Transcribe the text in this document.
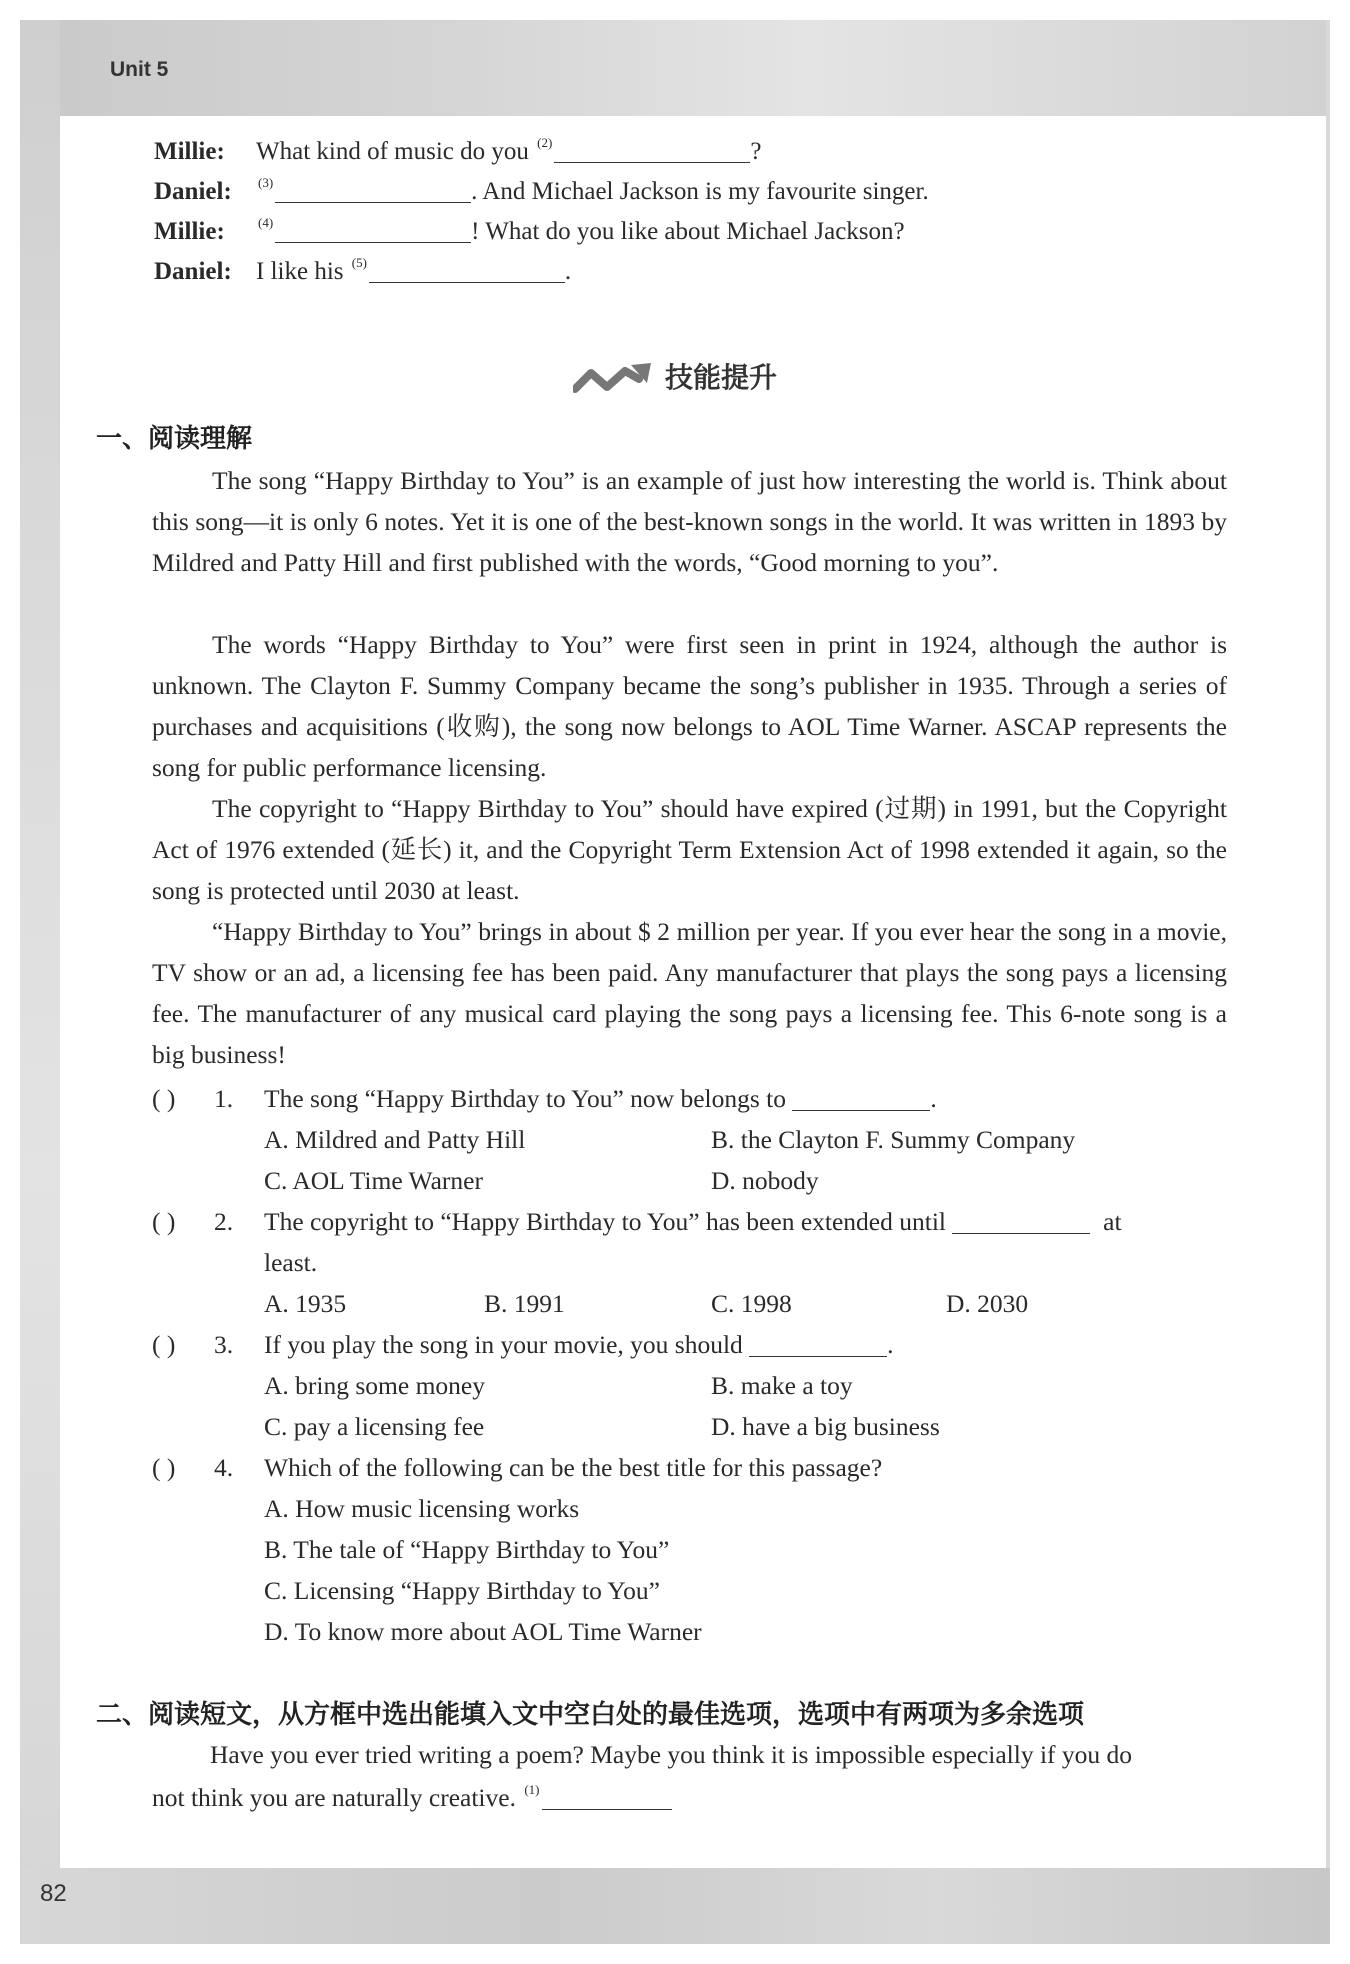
Unit 5
Millie: What kind of music do you $^{(2)}$	?
Daniel: $^{(3)}$	. And Michael Jackson is my favourite singer.
Millie:	$^{(4)}$	! What do you like about Michael Jackson?
Daniel: I like his $^{(5)}$	.
技能提升
一、阅读理解

The song “Happy Birthday to You” is an example of just how interesting the world is. Think about this song—it is only 6 notes. Yet it is one of the best-known songs in the world. It was written in 1893 by Mildred and Patty Hill and first published with the words, “Good morning to you”.

The words “Happy Birthday to You” were first seen in print in 1924, although the author is unknown. The Clayton F. Summy Company became the song’s publisher in 1935. Through a series of purchases and acquisitions (收购), the song now belongs to AOL Time Warner. ASCAP represents the song for public performance licensing.

The copyright to “Happy Birthday to You” should have expired (过期) in 1991, but the Copyright Act of 1976 extended (延长) it, and the Copyright Term Extension Act of 1998 extended it again, so the song is protected until 2030 at least.

“Happy Birthday to You” brings in about $ 2 million per year. If you ever hear the song in a movie, TV show or an ad, a licensing fee has been paid. Any manufacturer that plays the song pays a licensing fee. The manufacturer of any musical card playing the song pays a licensing fee. This 6-note song is a big business!

( ) 1. The song “Happy Birthday to You” now belongs to	.
A. Mildred and Patty Hill	B. the Clayton F. Summy Company
C. AOL Time Warner	D. nobody
( ) 2. The copyright to “Happy Birthday to You” has been extended until	at
least.
A. 1935	B. 1991	C. 1998	D. 2030
( ) 3. If you play the song in your movie, you should	.
A. bring some money	B. make a toy
C. pay a licensing fee	D. have a big business
( ) 4. Which of the following can be the best title for this passage?
A. How music licensing works
B. The tale of “Happy Birthday to You”
C. Licensing “Happy Birthday to You”
D. To know more about AOL Time Warner
二、阅读短文，从方框中选出能填入文中空白处的最佳选项，选项中有两项为多余选项
Have you ever tried writing a poem? Maybe you think it is impossible especially if you do
not think you are naturally creative. $^{(1)}$
82
